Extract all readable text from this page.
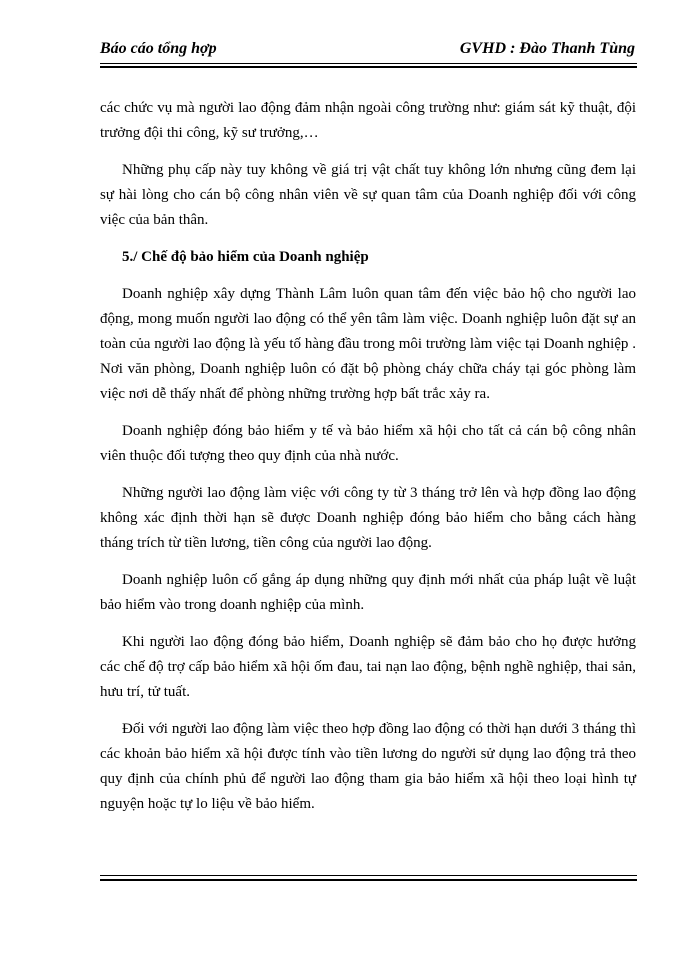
Báo cáo tổng hợp	GVHD : Đào Thanh Tùng

các chức vụ mà người lao động đảm nhận ngoài công trường như: giám sát kỹ thuật, đội trưởng đội thi công, kỹ sư trưởng,…

Những phụ cấp này tuy không về giá trị vật chất tuy không lớn nhưng cũng đem lại sự hài lòng cho cán bộ công nhân viên về sự quan tâm của Doanh nghiệp đối với công việc của bản thân.

5./ Chế độ bảo hiểm của Doanh nghiệp

Doanh nghiệp xây dựng Thành Lâm luôn quan tâm đến việc bảo hộ cho người lao động, mong muốn người lao động có thể yên tâm làm việc. Doanh nghiệp luôn đặt sự an toàn của người lao động là yếu tố hàng đầu trong môi trường làm việc tại Doanh nghiệp . Nơi văn phòng, Doanh nghiệp luôn có đặt bộ phòng cháy chữa cháy tại góc phòng làm việc nơi dễ thấy nhất để phòng những trường hợp bất trắc xảy ra.

Doanh nghiệp đóng bảo hiểm y tế và bảo hiểm xã hội cho tất cả cán bộ công nhân viên thuộc đối tượng theo quy định của nhà nước.

Những người lao động làm việc với công ty từ 3 tháng trở lên và hợp đồng lao động không xác định thời hạn sẽ được Doanh nghiệp đóng bảo hiểm cho bằng cách hàng tháng trích từ tiền lương, tiền công của người lao động.

Doanh nghiệp luôn cố gắng áp dụng những quy định mới nhất của pháp luật về luật bảo hiểm vào trong doanh nghiệp của mình.

Khi người lao động đóng bảo hiểm, Doanh nghiệp sẽ đảm bảo cho họ được hưởng các chế độ trợ cấp bảo hiểm xã hội ốm đau, tai nạn lao động, bệnh nghề nghiệp, thai sản, hưu trí, tử tuất.

Đối với người lao động làm việc theo hợp đồng lao động có thời hạn dưới 3 tháng thì các khoản bảo hiểm xã hội được tính vào tiền lương do người sử dụng lao động trả theo quy định của chính phủ để người lao động tham gia bảo hiểm xã hội theo loại hình tự nguyện hoặc tự lo liệu về bảo hiểm.
